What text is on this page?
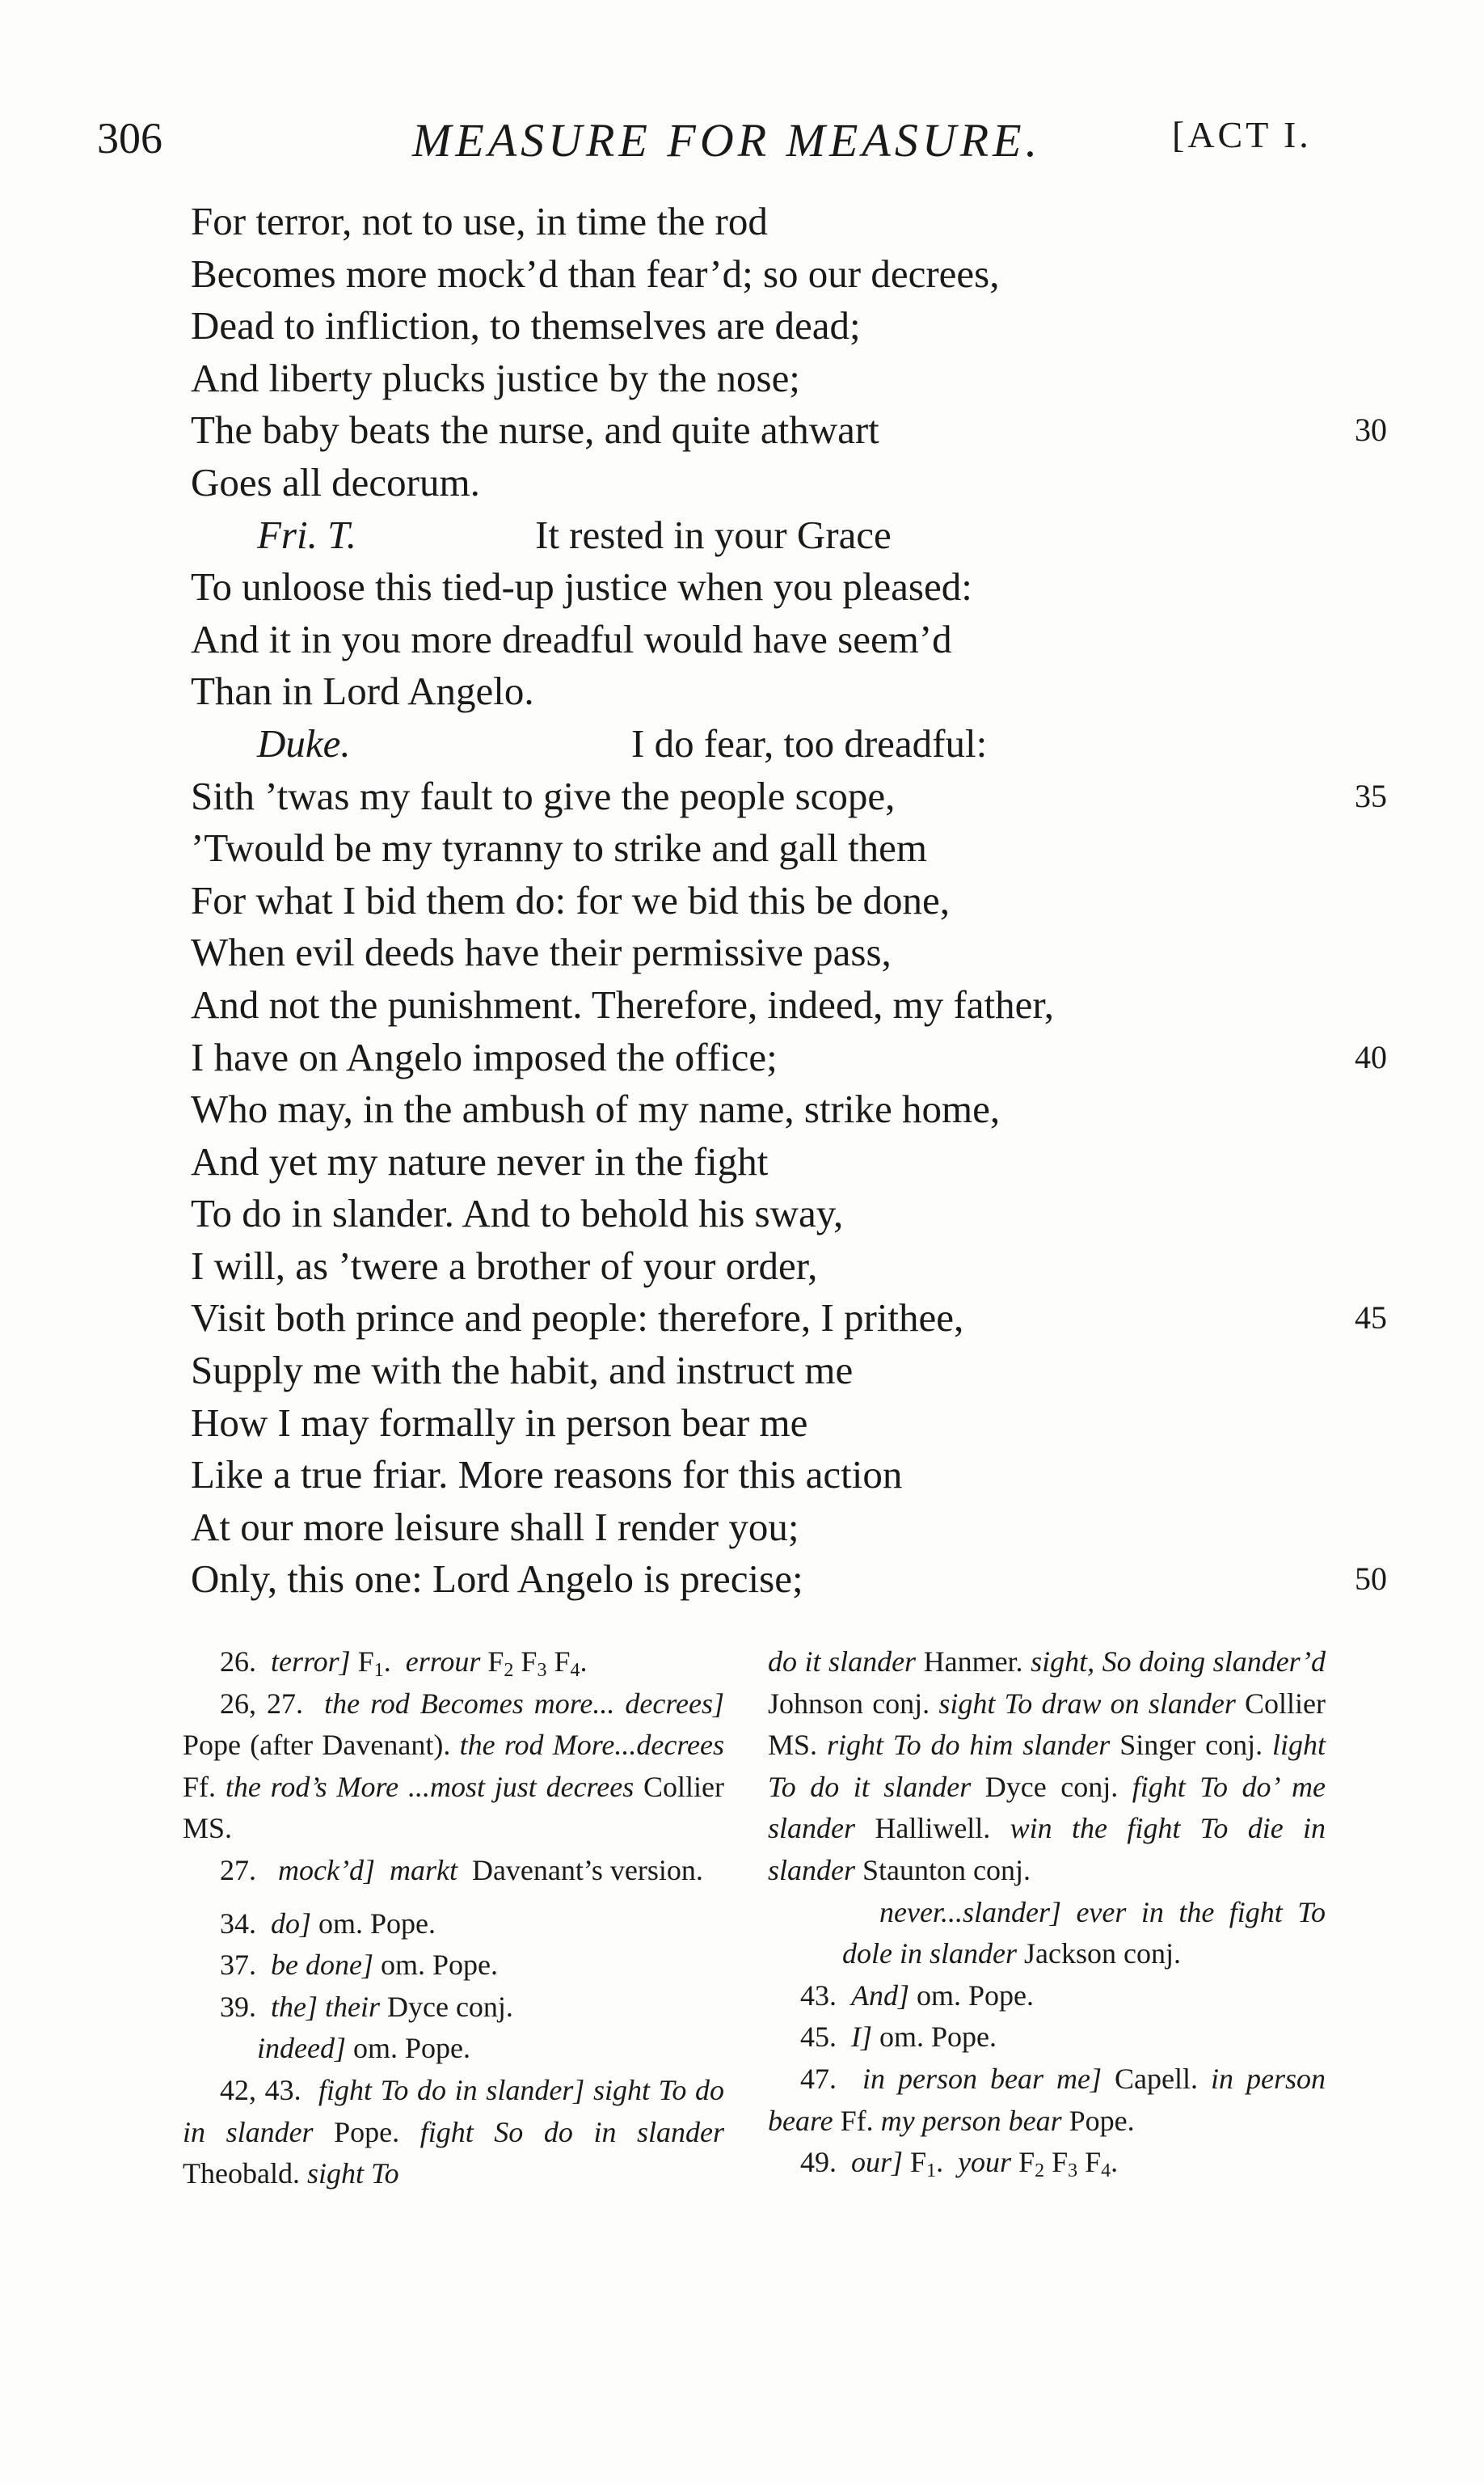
306	MEASURE FOR MEASURE.	[ACT I.
For terror, not to use, in time the rod
Becomes more mock’d than fear’d; so our decrees,
Dead to infliction, to themselves are dead;
And liberty plucks justice by the nose;
The baby beats the nurse, and quite athwart	30
Goes all decorum.
Fri. T.	It rested in your Grace
To unloose this tied-up justice when you pleased:
And it in you more dreadful would have seem’d
Than in Lord Angelo.
Duke.	I do fear, too dreadful:
Sith ’twas my fault to give the people scope,	35
’Twould be my tyranny to strike and gall them
For what I bid them do: for we bid this be done,
When evil deeds have their permissive pass,
And not the punishment. Therefore, indeed, my father,
I have on Angelo imposed the office;	40
Who may, in the ambush of my name, strike home,
And yet my nature never in the fight
To do in slander. And to behold his sway,
I will, as ’twere a brother of your order,
Visit both prince and people: therefore, I prithee,	45
Supply me with the habit, and instruct me
How I may formally in person bear me
Like a true friar. More reasons for this action
At our more leisure shall I render you;
Only, this one: Lord Angelo is precise;	50
26. terror] $F_1$. errour $F_2$ $F_3$ $F_4$.
26, 27. the rod Becomes more... decrees] Pope (after Davenant). the rod More...decrees Ff. the rod’s More ...most just decrees Collier MS.
27. mock’d] markt Davenant’s version.
34. do] om. Pope.
37. be done] om. Pope.
39. the] their Dyce conj.
indeed] om. Pope.
42, 43. fight To do in slander] sight To do in slander Pope. fight So do in slander Theobald. sight To
do it slander Hanmer. sight, So doing slander’d Johnson conj. sight To draw on slander Collier MS. right To do him slander Singer conj. light To do it slander Dyce conj. fight To do’ me slander Halliwell. win the fight To die in slander Staunton conj.
never...slander] ever in the fight To dole in slander Jackson conj.
43. And] om. Pope.
45. I] om. Pope.
47. in person bear me] Capell. in person beare Ff. my person bear Pope.
49. our] $F_1$. your $F_2$ $F_3$ $F_4$.
